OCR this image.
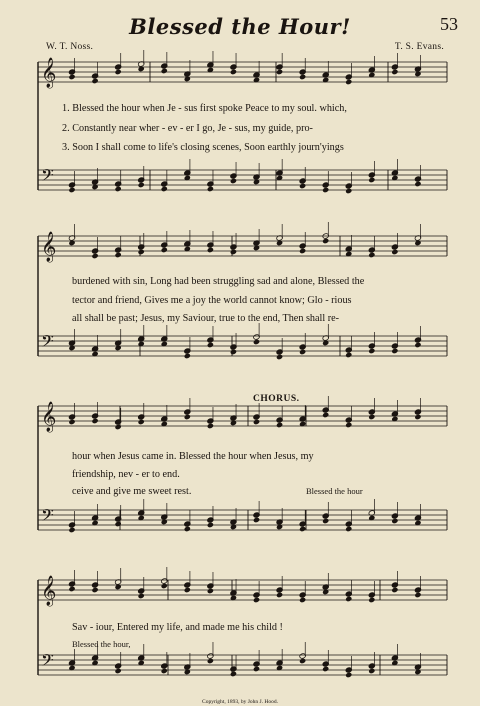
Blessed the Hour!	53
W. T. Noss.	T. S. Evans.
𝄞
𝄢
𝄞
𝄢
𝄞
𝄢
𝄞
𝄢
1. Blessed the hour when Je - sus first spoke Peace to my soul. which,
2. Constantly near wher - ev - er I go, Je - sus, my guide, pro-
3. Soon I shall come to life's closing scenes, Soon earthly journ'yings
burdened with sin, Long had been struggling sad and alone, Blessed the
tector and friend, Gives me a joy the world cannot know; Glo - rious
all shall be past; Jesus, my Saviour, true to the end, Then shall re-
CHORUS.
hour when Jesus came in. Blessed the hour when Jesus, my
friendship, nev - er to end.
ceive and give me sweet rest.	Blessed the hour
Sav - iour, Entered my life, and made me his child !
Blessed the hour,
Copyright, 1893, by John J. Hood.
